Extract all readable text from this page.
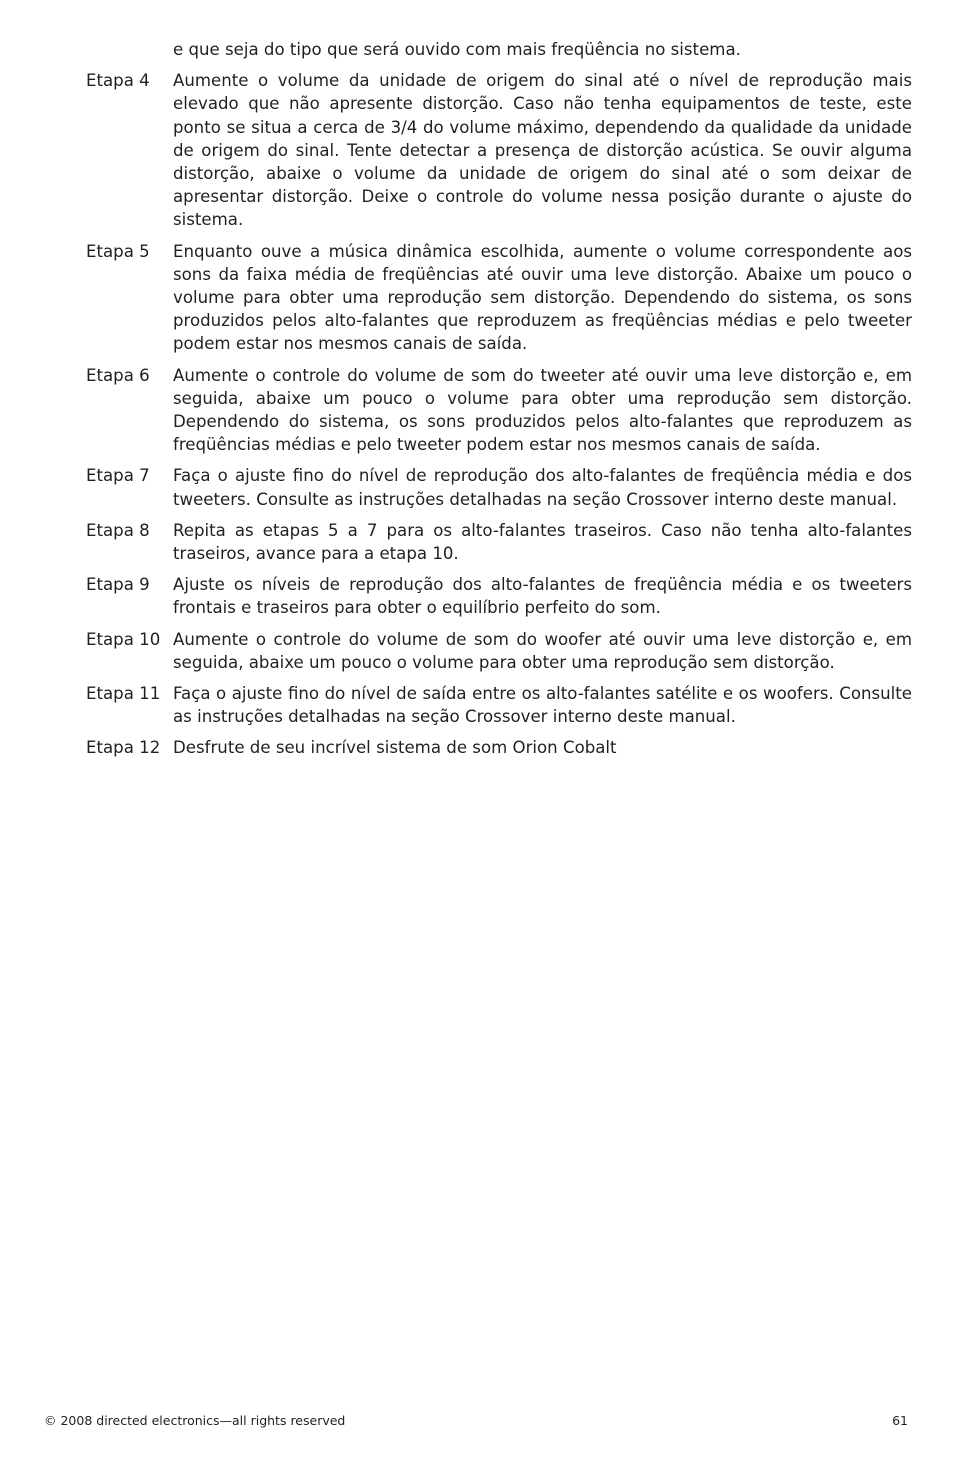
e que seja do tipo que será ouvido com mais freqüência no sistema.
Etapa 4	Aumente o volume da unidade de origem do sinal até o nível de reprodução mais elevado que não apresente distorção. Caso não tenha equipamentos de teste, este ponto se situa a cerca de 3/4 do volume máximo, dependendo da qualidade da unidade de origem do sinal. Tente detectar a presença de distorção acústica. Se ouvir alguma distorção, abaixe o volume da unidade de origem do sinal até o som deixar de apresentar distorção. Deixe o controle do volume nessa posição durante o ajuste do sistema.
Etapa 5	Enquanto ouve a música dinâmica escolhida, aumente o volume correspondente aos sons da faixa média de freqüências até ouvir uma leve distorção. Abaixe um pouco o volume para obter uma reprodução sem distorção. Dependendo do sistema, os sons produzidos pelos alto-falantes que reproduzem as freqüências médias e pelo tweeter podem estar nos mesmos canais de saída.
Etapa 6	Aumente o controle do volume de som do tweeter até ouvir uma leve distorção e, em seguida, abaixe um pouco o volume para obter uma reprodução sem distorção. Dependendo do sistema, os sons produzidos pelos alto-falantes que reproduzem as freqüências médias e pelo tweeter podem estar nos mesmos canais de saída.
Etapa 7	Faça o ajuste fino do nível de reprodução dos alto-falantes de freqüência média e dos tweeters. Consulte as instruções detalhadas na seção Crossover interno deste manual.
Etapa 8	Repita as etapas 5 a 7 para os alto-falantes traseiros. Caso não tenha alto-falantes traseiros, avance para a etapa 10.
Etapa 9	Ajuste os níveis de reprodução dos alto-falantes de freqüência média e os tweeters frontais e traseiros para obter o equilíbrio perfeito do som.
Etapa 10 Aumente o controle do volume de som do woofer até ouvir uma leve distorção e, em seguida, abaixe um pouco o volume para obter uma reprodução sem distorção.
Etapa 11 Faça o ajuste fino do nível de saída entre os alto-falantes satélite e os woofers. Consulte as instruções detalhadas na seção Crossover interno deste manual.
Etapa 12 Desfrute de seu incrível sistema de som Orion Cobalt
© 2008 directed electronics—all rights reserved	61
